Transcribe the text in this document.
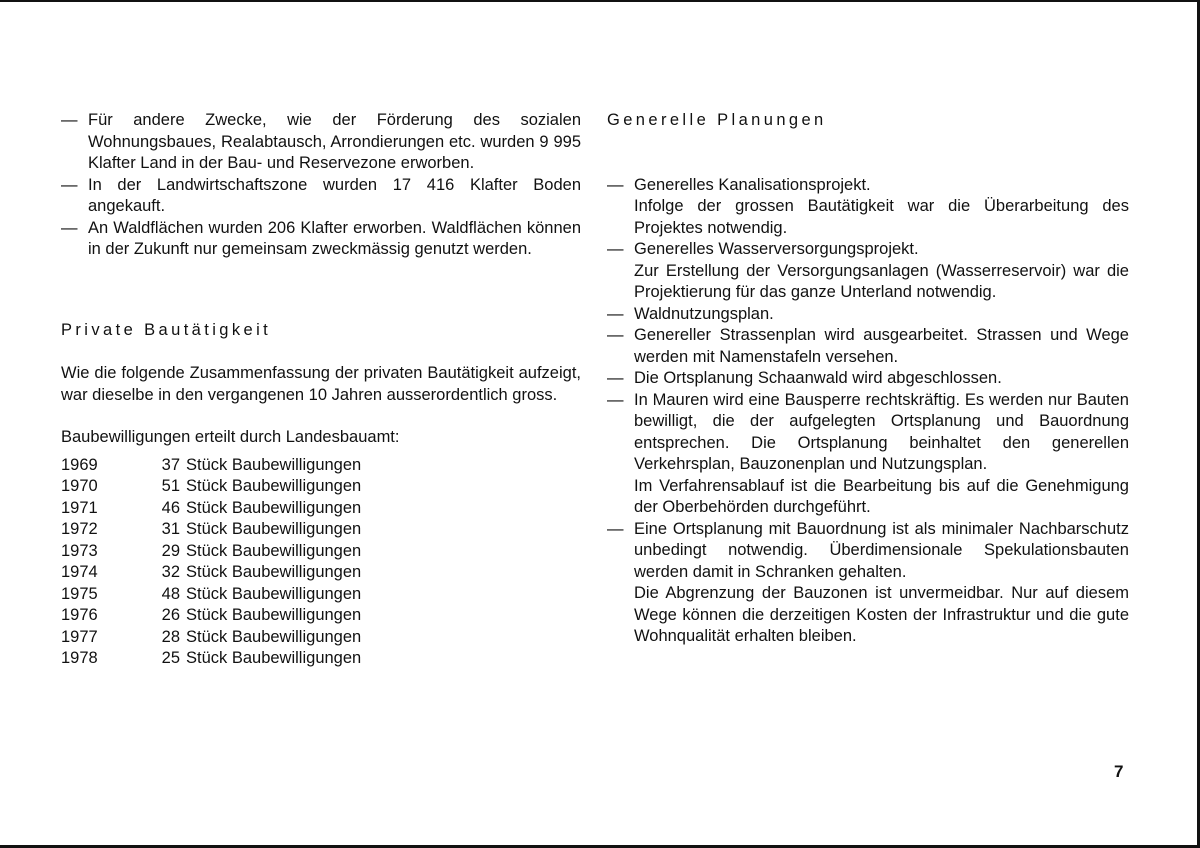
— Für andere Zwecke, wie der Förderung des sozialen Wohnungsbaues, Realabtausch, Arrondierungen etc. wurden 9 995 Klafter Land in der Bau- und Reservezone erworben.

— In der Landwirtschaftszone wurden 17 416 Klafter Boden angekauft.

— An Waldflächen wurden 206 Klafter erworben. Waldflächen können in der Zukunft nur gemeinsam zweckmässig genutzt werden.

Private Bautätigkeit

Wie die folgende Zusammenfassung der privaten Bautätigkeit aufzeigt, war dieselbe in den vergangenen 10 Jahren ausserordentlich gross.

Baubewilligungen erteilt durch Landesbauamt:

1969	37	Stück Baubewilligungen
1970	51	Stück Baubewilligungen
1971	46	Stück Baubewilligungen
1972	31	Stück Baubewilligungen
1973	29	Stück Baubewilligungen
1974	32	Stück Baubewilligungen
1975	48	Stück Baubewilligungen
1976	26	Stück Baubewilligungen
1977	28	Stück Baubewilligungen
1978	25	Stück Baubewilligungen
Generelle Planungen
— Generelles Kanalisationsprojekt.

Infolge der grossen Bautätigkeit war die Überarbeitung des Projektes notwendig.

— Generelles Wasserversorgungsprojekt.

Zur Erstellung der Versorgungsanlagen (Wasserreservoir) war die Projektierung für das ganze Unterland notwendig.

— Waldnutzungsplan.

— Genereller Strassenplan wird ausgearbeitet. Strassen und Wege werden mit Namenstafeln versehen.

— Die Ortsplanung Schaanwald wird abgeschlossen.

— In Mauren wird eine Bausperre rechtskräftig. Es werden nur Bauten bewilligt, die der aufgelegten Ortsplanung und Bauordnung entsprechen. Die Ortsplanung beinhaltet den generellen Verkehrsplan, Bauzonenplan und Nutzungsplan.

Im Verfahrensablauf ist die Bearbeitung bis auf die Genehmigung der Oberbehörden durchgeführt.

— Eine Ortsplanung mit Bauordnung ist als minimaler Nachbarschutz unbedingt notwendig. Überdimensionale Spekulationsbauten werden damit in Schranken gehalten.

Die Abgrenzung der Bauzonen ist unvermeidbar. Nur auf diesem Wege können die derzeitigen Kosten der Infrastruktur und die gute Wohnqualität erhalten bleiben.

7
